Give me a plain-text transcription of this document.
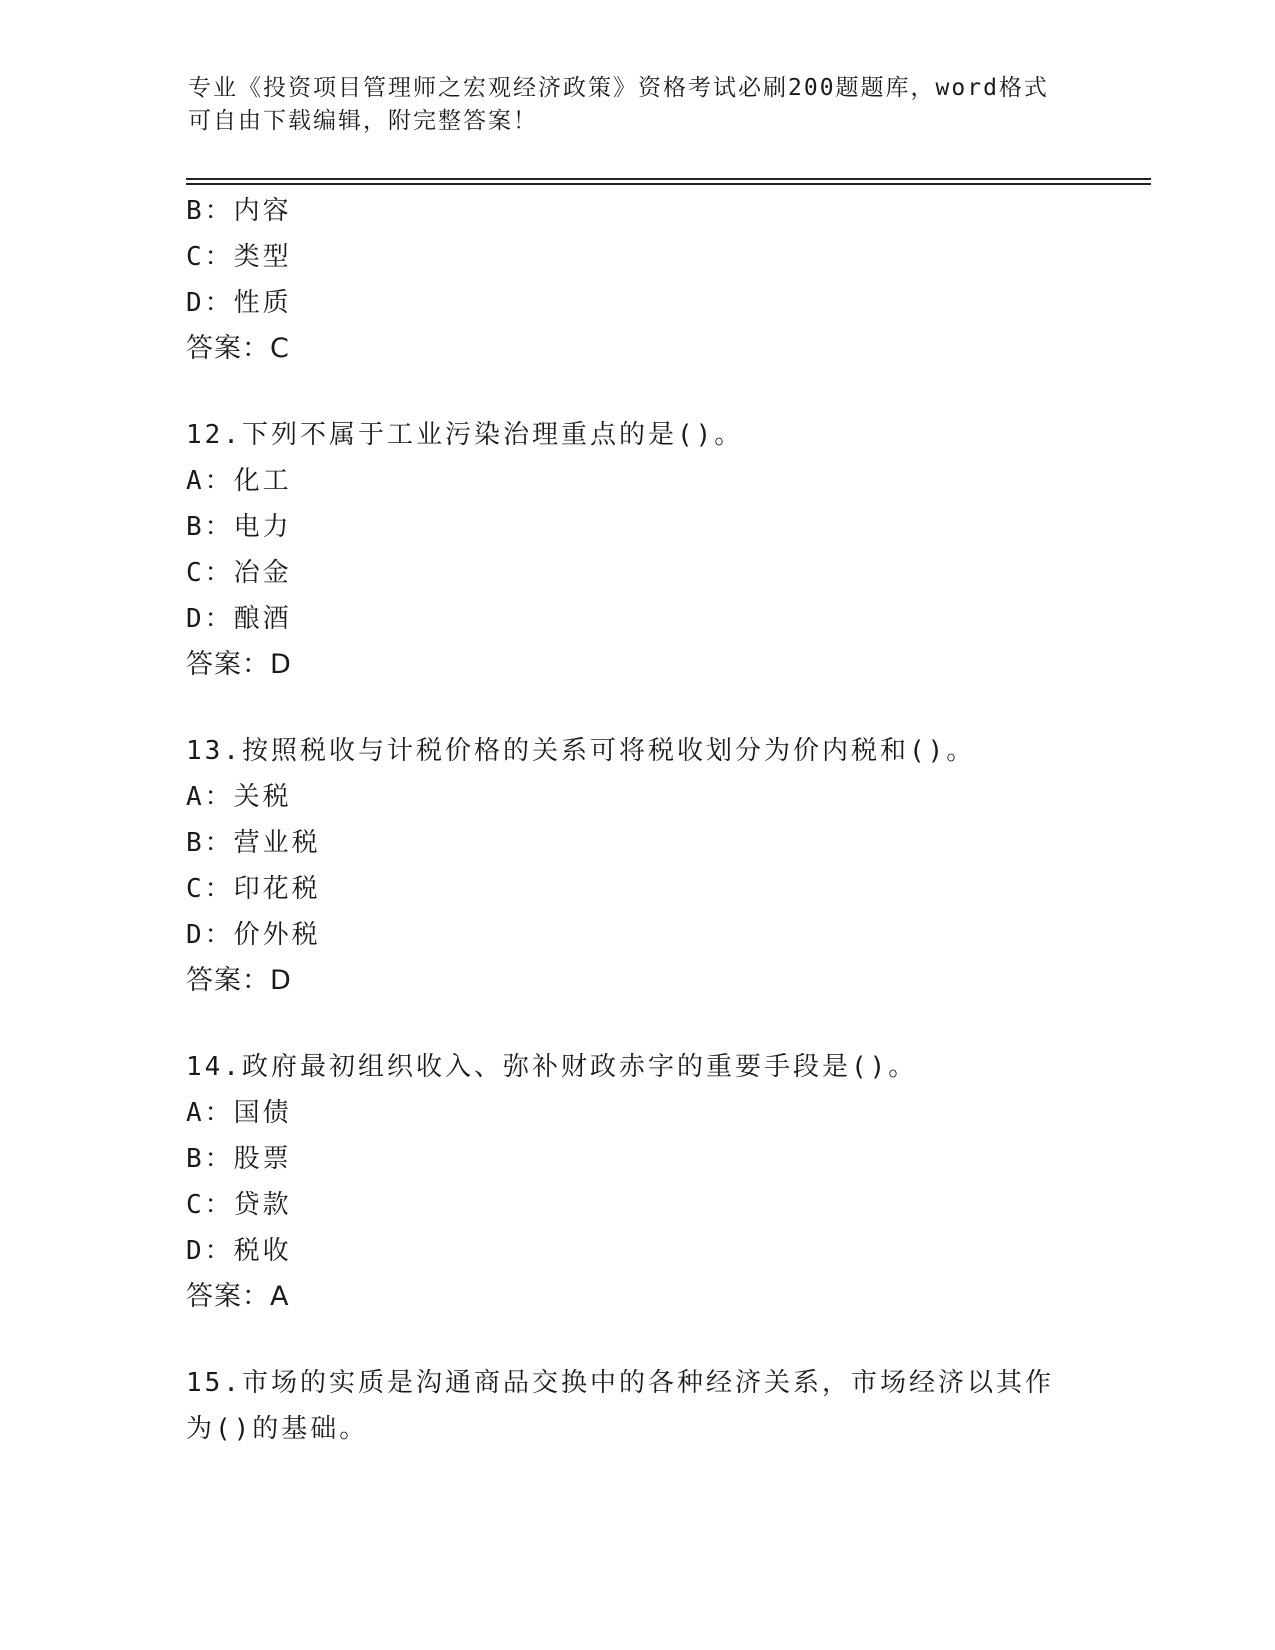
专业《投资项目管理师之宏观经济政策》资格考试必刷200题题库，word格式可自由下载编辑，附完整答案！
B：内容
C：类型
D：性质
答案：C
12.下列不属于工业污染治理重点的是()。
A：化工
B：电力
C：冶金
D：酿酒
答案：D
13.按照税收与计税价格的关系可将税收划分为价内税和()。
A：关税
B：营业税
C：印花税
D：价外税
答案：D
14.政府最初组织收入、弥补财政赤字的重要手段是()。
A：国债
B：股票
C：贷款
D：税收
答案：A
15.市场的实质是沟通商品交换中的各种经济关系，市场经济以其作为()的基础。
